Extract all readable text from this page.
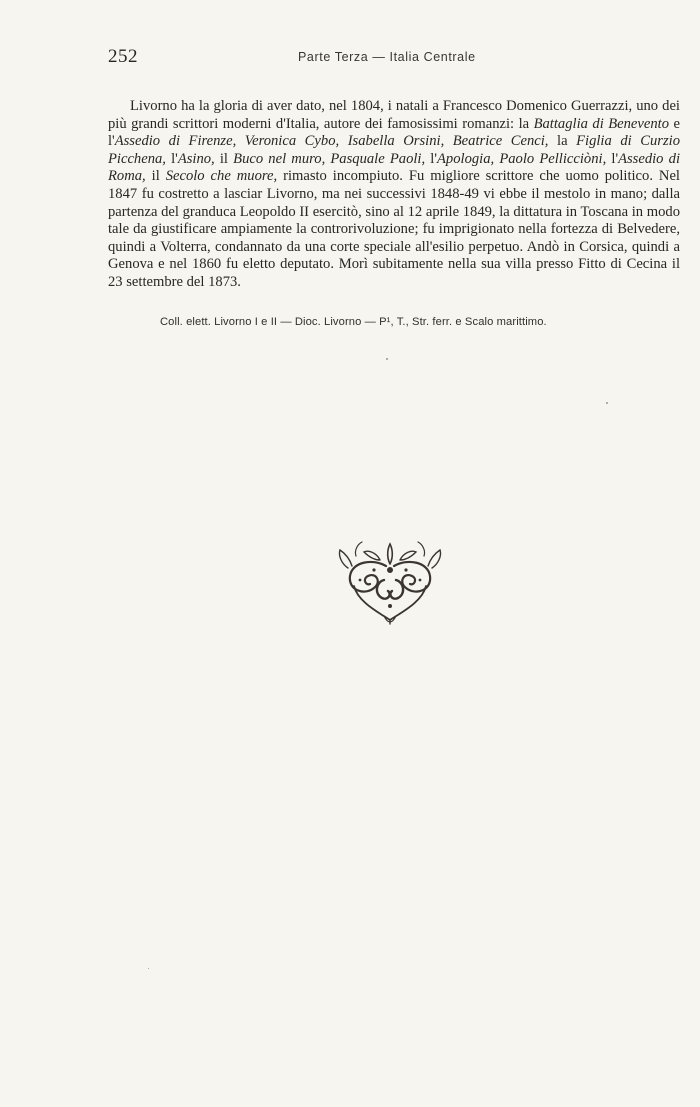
252	Parte Terza — Italia Centrale

Livorno ha la gloria di aver dato, nel 1804, i natali a Francesco Domenico Guerrazzi, uno dei più grandi scrittori moderni d'Italia, autore dei famosissimi romanzi: la Battaglia di Benevento e l'Assedio di Firenze, Veronica Cybo, Isabella Orsini, Beatrice Cenci, la Figlia di Curzio Picchena, l'Asino, il Buco nel muro, Pasquale Paoli, l'Apologia, Paolo Pellicciòni, l'Assedio di Roma, il Secolo che muore, rimasto incompiuto. Fu migliore scrittore che uomo politico. Nel 1847 fu costretto a lasciar Livorno, ma nei successivi 1848-49 vi ebbe il mestolo in mano; dalla partenza del granduca Leopoldo II esercitò, sino al 12 aprile 1849, la dittatura in Toscana in modo tale da giustificare ampiamente la controrivoluzione; fu imprigionato nella fortezza di Belvedere, quindi a Volterra, condannato da una corte speciale all'esilio perpetuo. Andò in Corsica, quindi a Genova e nel 1860 fu eletto deputato. Morì subitamente nella sua villa presso Fitto di Cecina il 23 settembre del 1873.

Coll. elett. Livorno I e II — Dioc. Livorno — P¹, T., Str. ferr. e Scalo marittimo.
